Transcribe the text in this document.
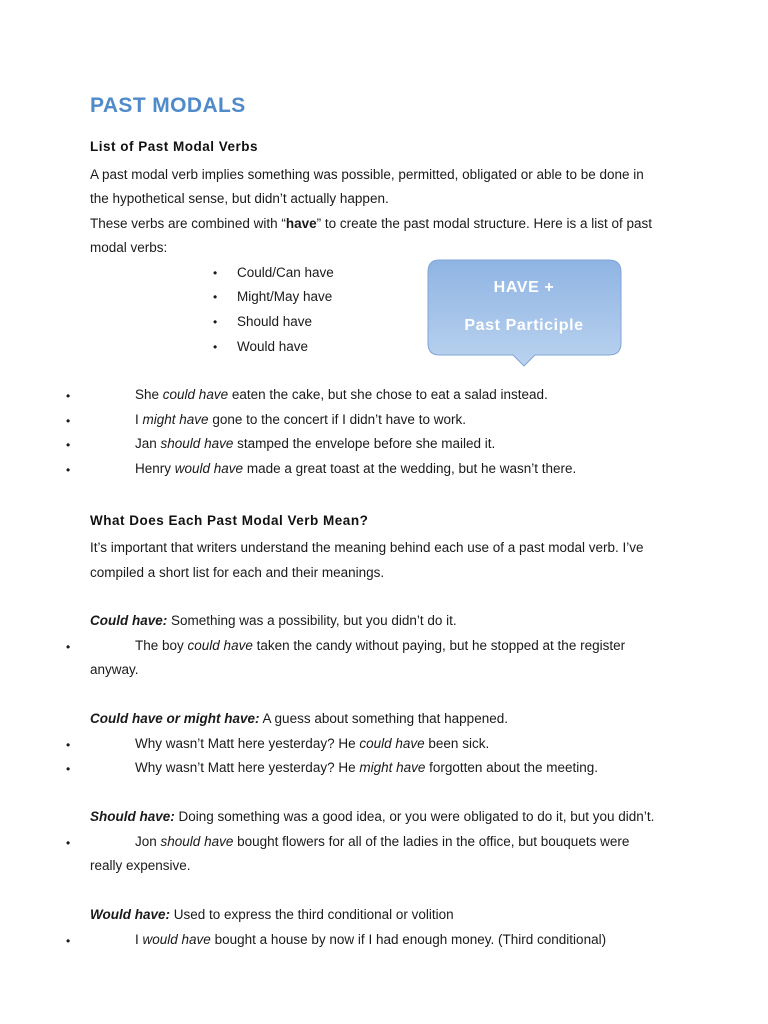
PAST MODALS
List of Past Modal Verbs
A past modal verb implies something was possible, permitted, obligated or able to be done in
the hypothetical sense, but didn’t actually happen.
These verbs are combined with “have” to create the past modal structure. Here is a list of past
modal verbs:
• Could/Can have
• Might/May have
• Should have
• Would have
HAVE +
Past Participle
•	She could have eaten the cake, but she chose to eat a salad instead.
•	I might have gone to the concert if I didn’t have to work.
•	Jan should have stamped the envelope before she mailed it.
•	Henry would have made a great toast at the wedding, but he wasn’t there.
What Does Each Past Modal Verb Mean?
It’s important that writers understand the meaning behind each use of a past modal verb. I’ve
compiled a short list for each and their meanings.
Could have: Something was a possibility, but you didn’t do it.
•	The boy could have taken the candy without paying, but he stopped at the register
anyway.
Could have or might have: A guess about something that happened.
•	Why wasn’t Matt here yesterday? He could have been sick.
•	Why wasn’t Matt here yesterday? He might have forgotten about the meeting.
Should have: Doing something was a good idea, or you were obligated to do it, but you didn’t.
•	Jon should have bought flowers for all of the ladies in the office, but bouquets were
really expensive.
Would have: Used to express the third conditional or volition
•	I would have bought a house by now if I had enough money. (Third conditional)
